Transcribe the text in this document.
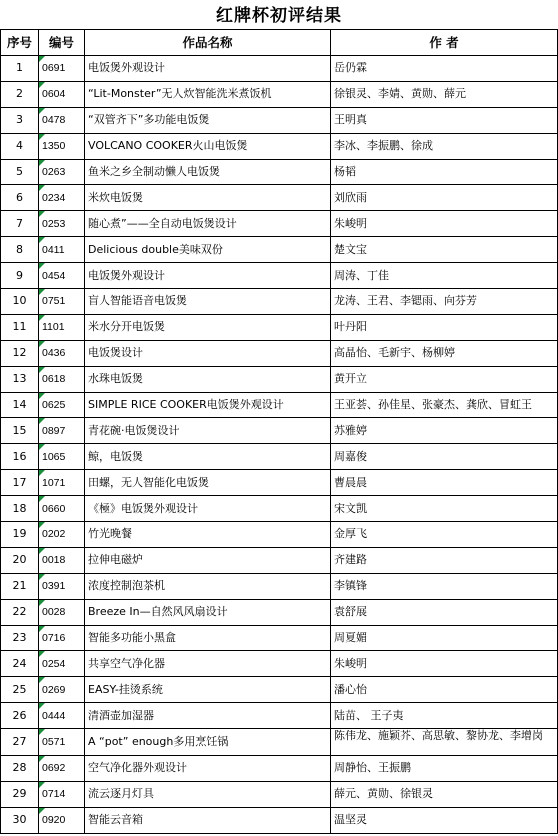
红牌杯初评结果
序号	编号	作品名称	作 者
1	0691	电饭煲外观设计	岳仍霖
2	0604	“Lit-Monster”无人炊智能洗米煮饭机	徐银灵、李婧、黄勋、薛元
3	0478	“双管齐下”多功能电饭煲	王明真
4	1350	VOLCANO COOKER火山电饭煲	李冰、李振鹏、徐成
5	0263	鱼米之乡全制动懒人电饭煲	杨韬
6	0234	米炊电饭煲	刘欣雨
7	0253	随心煮”——全自动电饭煲设计	朱峻明
8	0411	Delicious double美味双份	楚文宝
9	0454	电饭煲外观设计	周涛、丁佳
10	0751	盲人智能语音电饭煲	龙涛、王君、李锶雨、向芬芳
11	1101	米水分开电饭煲	叶丹阳
12	0436	电饭煲设计	高晶怡、毛新宇、杨柳婷
13	0618	水珠电饭煲	黄开立
14	0625	SIMPLE RICE COOKER电饭煲外观设计	王亚荟、孙佳星、张豪杰、龚欣、冒虹王
15	0897	青花碗·电饭煲设计	苏雅婷
16	1065	鲸，电饭煲	周嘉俊
17	1071	田螺，无人智能化电饭煲	曹晨晨
18	0660	《極》电饭煲外观设计	宋文凯
19	0202	竹光晚餐	金厚飞
20	0018	拉伸电磁炉	齐建路
21	0391	浓度控制泡茶机	李镇锋
22	0028	Breeze In—自然风风扇设计	袁舒展
23	0716	智能多功能小黑盒	周夏媚
24	0254	共享空气净化器	朱峻明
25	0269	EASY-挂烫系统	潘心怡
26	0444	清酒壶加湿器	陆苗、 王子夷
27	0571	A “pot” enough多用烹饪锅	陈伟龙、施颖芥、高思敏、黎协龙、李增岗
28	0692	空气净化器外观设计	周静怡、王振鹏
29	0714	流云逐月灯具	薛元、黄勋、徐银灵
30	0920	智能云音箱	温坚灵
